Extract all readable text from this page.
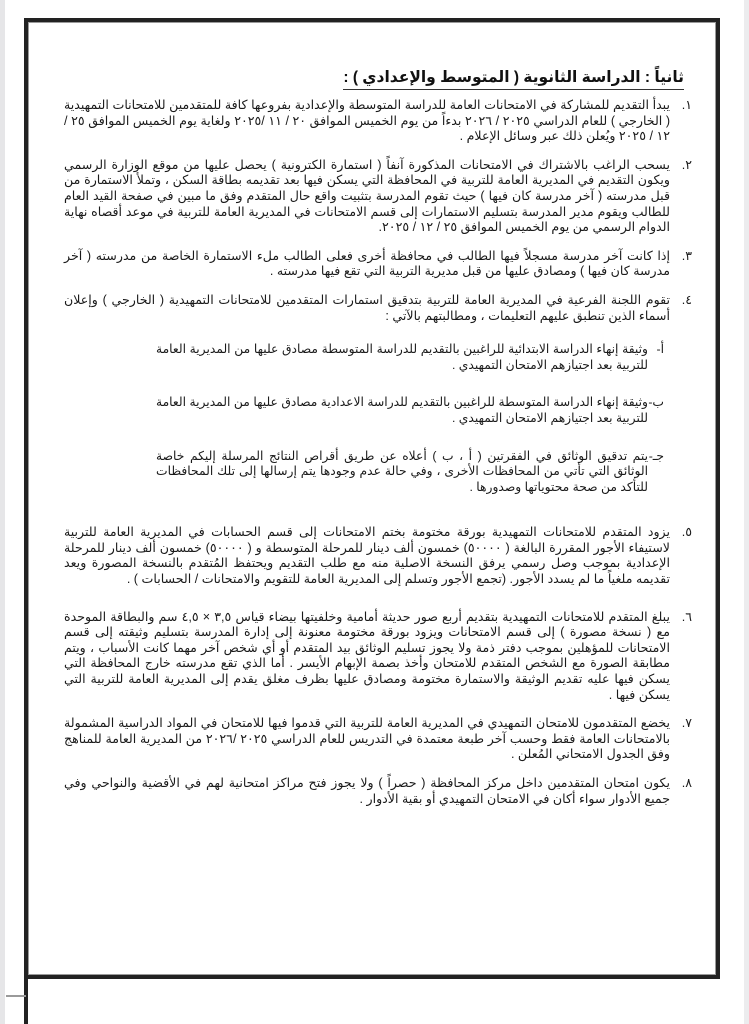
ثانياً : الدراسة الثانوية ( المتوسط والإعدادي ) :
١.
يبدأ التقديم للمشاركة في الامتحانات العامة للدراسة المتوسطة والإعدادية بفروعها كافة للمتقدمين للامتحانات التمهيدية ( الخارجي ) للعام الدراسي ٢٠٢٥ / ٢٠٢٦ بدءاً من يوم الخميس الموافق ٢٠ / ١١ /٢٠٢٥ ولغاية يوم الخميس الموافق ٢٥ / ١٢ / ٢٠٢٥ ويُعلن ذلك عبر وسائل الإعلام .
٢.
يسحب الراغب بالاشتراك في الامتحانات المذكورة آنفاً ( استمارة الكترونية ) يحصل عليها من موقع الوزارة الرسمي ويكون التقديم في المديرية العامة للتربية في المحافظة التي يسكن فيها بعد تقديمه بطاقة السكن ، وتملأ الاستمارة من قبل مدرسته ( آخر مدرسة كان فيها ) حيث تقوم المدرسة بتثبيت واقع حال المتقدم وفق ما مبين في صفحة القيد العام للطالب ويقوم مدير المدرسة بتسليم الاستمارات إلى قسم الامتحانات في المديرية العامة للتربية في موعد أقصاه نهاية الدوام الرسمي من يوم الخميس الموافق ٢٥ / ١٢ / ٢٠٢٥.
٣.
إذا كانت آخر مدرسة مسجلاً فيها الطالب في محافظة أخرى فعلى الطالب ملء الاستمارة الخاصة من مدرسته ( آخر مدرسة كان فيها ) ومصادق عليها من قبل مديرية التربية التي تقع فيها مدرسته .
٤.
تقوم اللجنة الفرعية في المديرية العامة للتربية بتدقيق استمارات المتقدمين للامتحانات التمهيدية ( الخارجي ) وإعلان أسماء الذين تنطبق عليهم التعليمات ، ومطالبتهم بالآتي :
أ-
وثيقة إنهاء الدراسة الابتدائية للراغبين بالتقديم للدراسة المتوسطة مصادق عليها من المديرية العامة للتربية بعد اجتيازهم الامتحان التمهيدي .
ب-
وثيقة إنهاء الدراسة المتوسطة للراغبين بالتقديم للدراسة الاعدادية مصادق عليها من المديرية العامة للتربية بعد اجتيازهم الامتحان التمهيدي .
جـ-
يتم تدقيق الوثائق في الفقرتين ( أ ، ب ) أعلاه عن طريق أقراص النتائج المرسلة إليكم خاصة الوثائق التي تأتي من المحافظات الأخرى ، وفي حالة عدم وجودها يتم إرسالها إلى تلك المحافظات للتأكد من صحة محتوياتها وصدورها .
٥.
يزود المتقدم للامتحانات التمهيدية بورقة مختومة بختم الامتحانات إلى قسم الحسابات في المديرية العامة للتربية لاستيفاء الأجور المقررة البالغة ( ٥٠٠٠٠) خمسون ألف دينار للمرحلة المتوسطة و ( ٥٠٠٠٠) خمسون ألف دينار للمرحلة الإعدادية بموجب وصل رسمي يرفق النسخة الاصلية منه مع طلب التقديم ويحتفظ المُتقدم بالنسخة المصورة ويعد تقديمه ملغياً ما لم يسدد الأجور. (تجمع الأجور وتسلم إلى المديرية العامة للتقويم والامتحانات / الحسابات ) .
٦.
يبلغ المتقدم للامتحانات التمهيدية بتقديم أربع صور حديثة أمامية وخلفيتها بيضاء قياس ٣,٥ × ٤,٥ سم والبطاقة الموحدة مع ( نسخة مصورة ) إلى قسم الامتحانات ويزود بورقة مختومة معنونة إلى إدارة المدرسة بتسليم وثيقته إلى قسم الامتحانات للمؤهلين بموجب دفتر ذمة ولا يجوز تسليم الوثائق بيد المتقدم أو أي شخص آخر مهما كانت الأسباب ، ويتم مطابقة الصورة مع الشخص المتقدم للامتحان وأخذ بصمة الإبهام الأيسر . أما الذي تقع مدرسته خارج المحافظة التي يسكن فيها عليه تقديم الوثيقة والاستمارة مختومة ومصادق عليها بظرف مغلق يقدم إلى المديرية العامة للتربية التي يسكن فيها .
٧.
يخضع المتقدمون للامتحان التمهيدي في المديرية العامة للتربية التي قدموا فيها للامتحان في المواد الدراسية المشمولة بالامتحانات العامة فقط وحسب آخر طبعة معتمدة في التدريس للعام الدراسي ٢٠٢٥ /٢٠٢٦ من المديرية العامة للمناهج وفق الجدول الامتحاني المُعلن .
٨.
يكون امتحان المتقدمين داخل مركز المحافظة ( حصراً ) ولا يجوز فتح مراكز امتحانية لهم في الأقضية والنواحي وفي جميع الأدوار سواء أكان في الامتحان التمهيدي أو بقية الأدوار .
